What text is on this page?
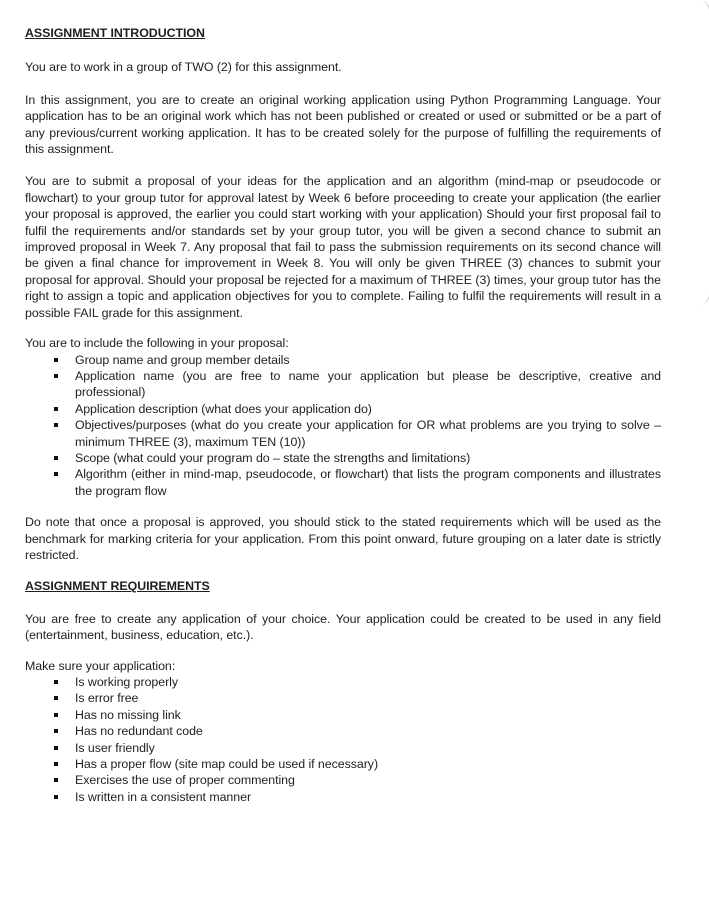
ASSIGNMENT INTRODUCTION

You are to work in a group of TWO (2) for this assignment.

In this assignment, you are to create an original working application using Python Programming Language. Your application has to be an original work which has not been published or created or used or submitted or be a part of any previous/current working application. It has to be created solely for the purpose of fulfilling the requirements of this assignment.

You are to submit a proposal of your ideas for the application and an algorithm (mind-map or pseudocode or flowchart) to your group tutor for approval latest by Week 6 before proceeding to create your application (the earlier your proposal is approved, the earlier you could start working with your application) Should your first proposal fail to fulfil the requirements and/or standards set by your group tutor, you will be given a second chance to submit an improved proposal in Week 7. Any proposal that fail to pass the submission requirements on its second chance will be given a final chance for improvement in Week 8. You will only be given THREE (3) chances to submit your proposal for approval. Should your proposal be rejected for a maximum of THREE (3) times, your group tutor has the right to assign a topic and application objectives for you to complete. Failing to fulfil the requirements will result in a possible FAIL grade for this assignment.

You are to include the following in your proposal:

Group name and group member details
Application name (you are free to name your application but please be descriptive, creative and professional)
Application description (what does your application do)
Objectives/purposes (what do you create your application for OR what problems are you trying to solve – minimum THREE (3), maximum TEN (10))
Scope (what could your program do – state the strengths and limitations)
Algorithm (either in mind-map, pseudocode, or flowchart) that lists the program components and illustrates the program flow

Do note that once a proposal is approved, you should stick to the stated requirements which will be used as the benchmark for marking criteria for your application. From this point onward, future grouping on a later date is strictly restricted.

ASSIGNMENT REQUIREMENTS

You are free to create any application of your choice. Your application could be created to be used in any field (entertainment, business, education, etc.).

Make sure your application:

Is working properly
Is error free
Has no missing link
Has no redundant code
Is user friendly
Has a proper flow (site map could be used if necessary)
Exercises the use of proper commenting
Is written in a consistent manner
